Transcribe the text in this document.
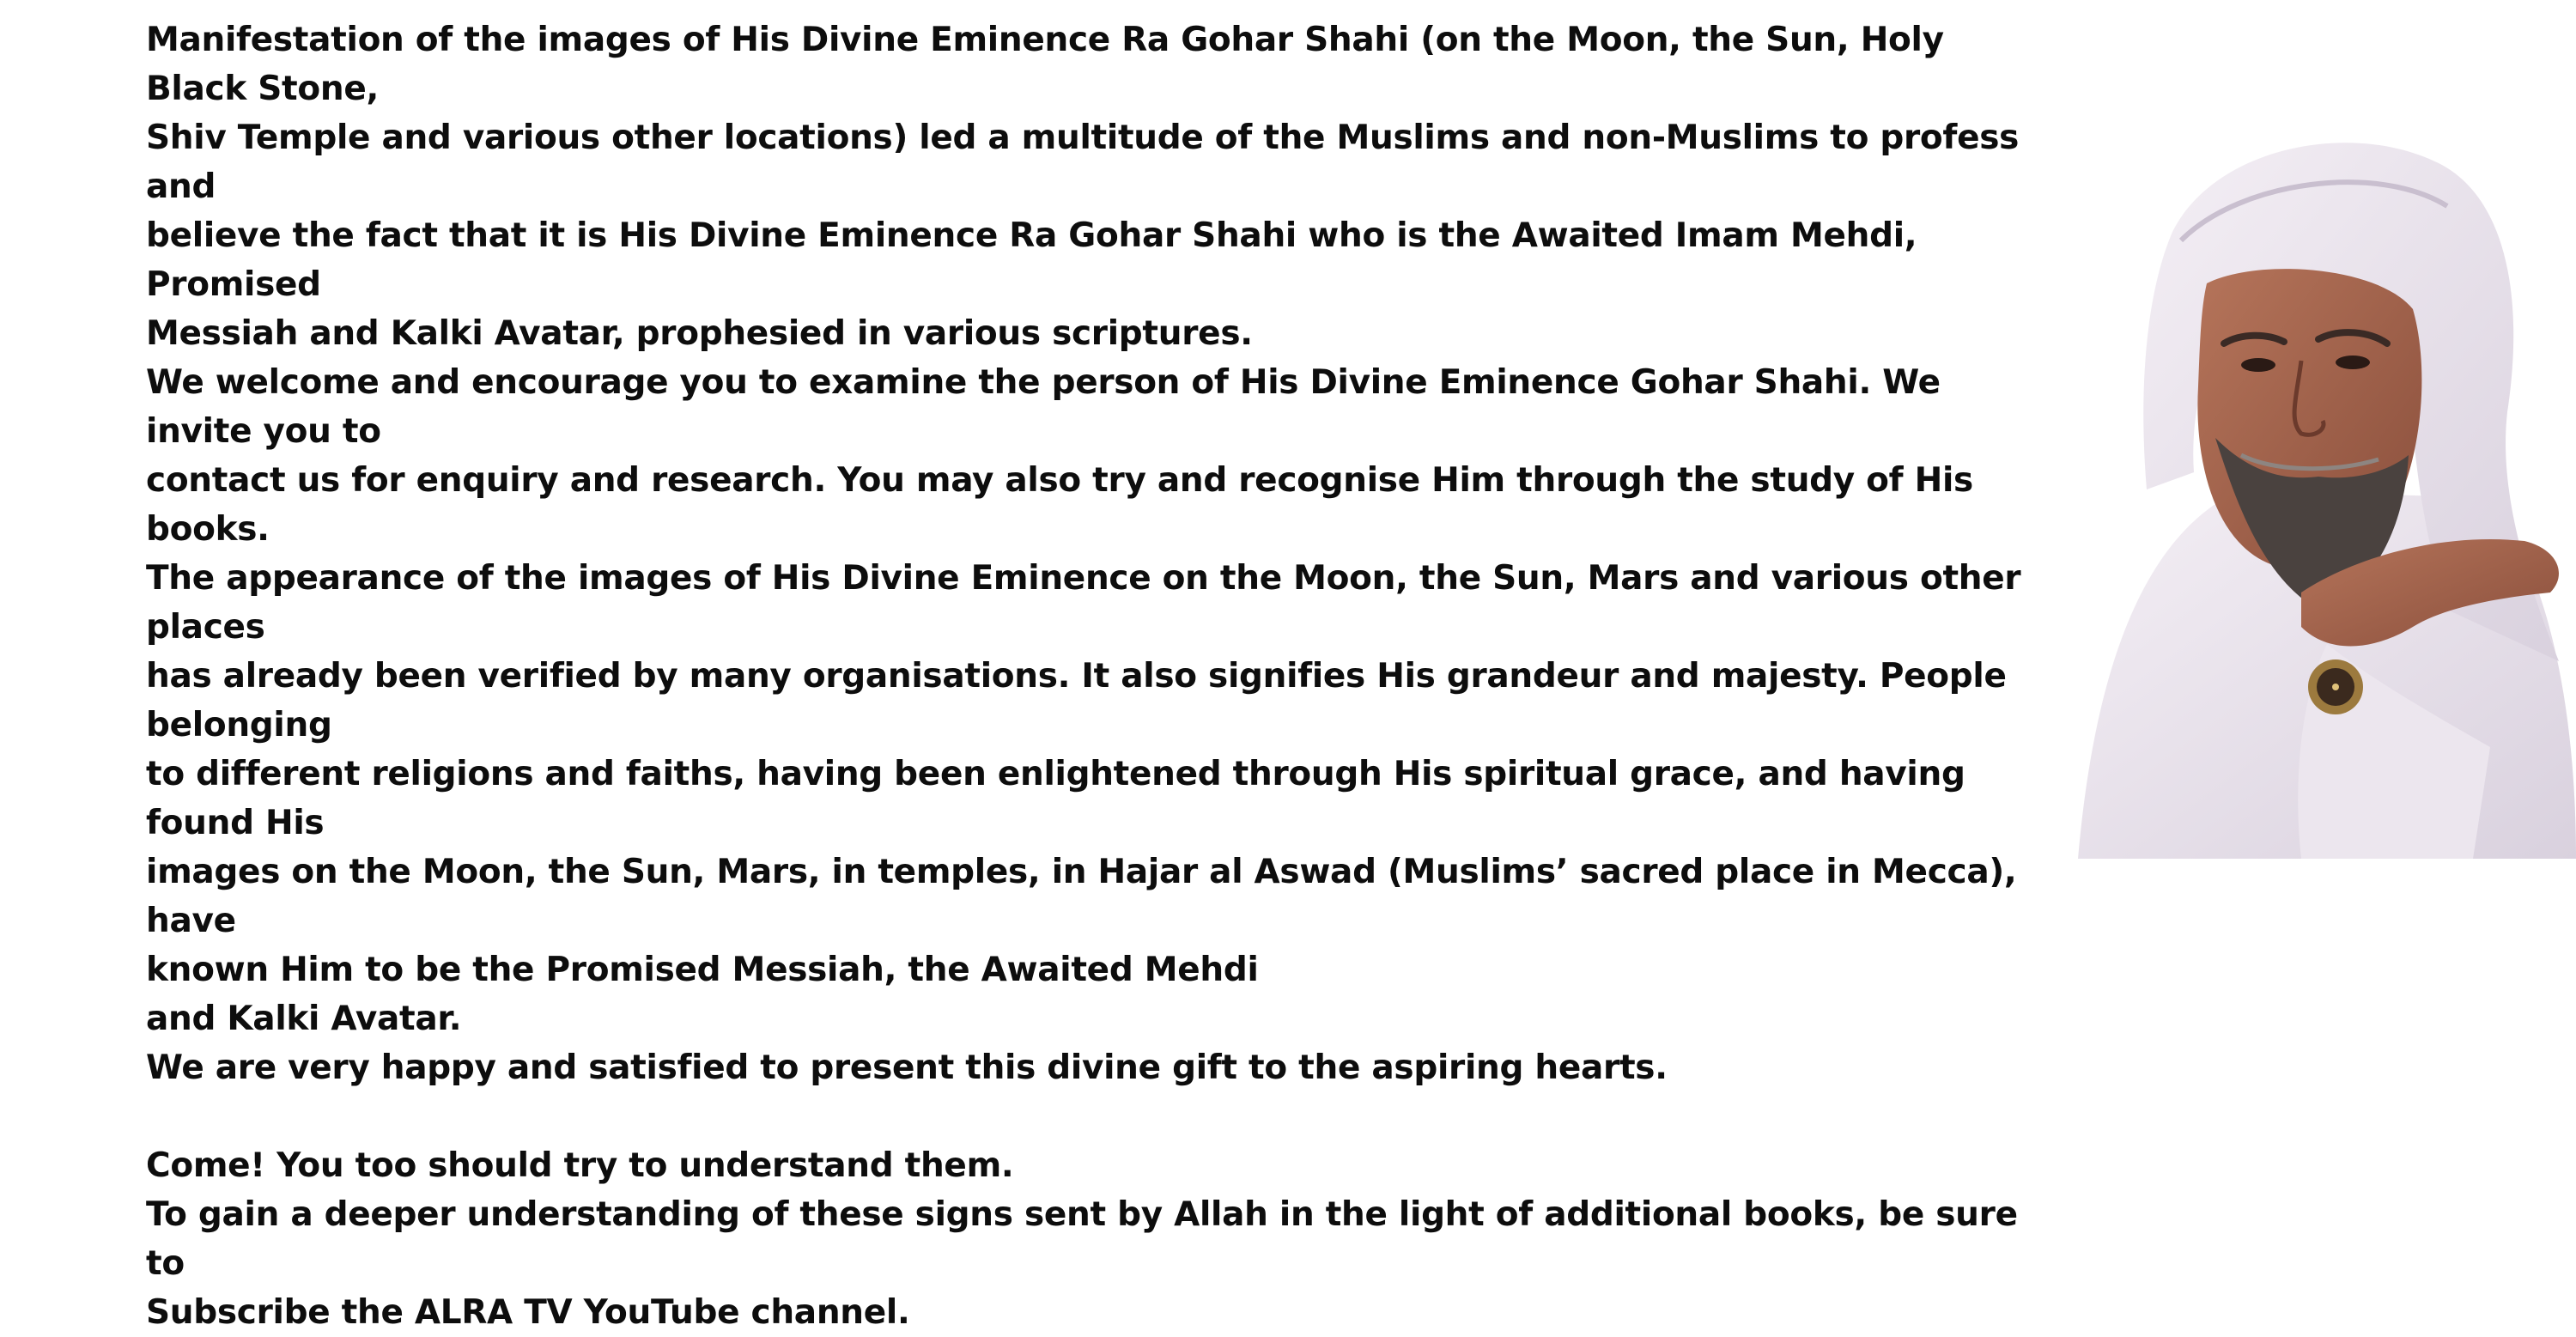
Manifestation of the images of His Divine Eminence Ra Gohar Shahi (on the Moon, the Sun, Holy Black Stone,
Shiv Temple and various other locations) led a multitude of the Muslims and non-Muslims to profess and
believe the fact that it is His Divine Eminence Ra Gohar Shahi who is the Awaited Imam Mehdi, Promised
Messiah and Kalki Avatar, prophesied in various scriptures.

We welcome and encourage you to examine the person of His Divine Eminence Gohar Shahi. We invite you to
contact us for enquiry and research. You may also try and recognise Him through the study of His books.

The appearance of the images of His Divine Eminence on the Moon, the Sun, Mars and various other places
has already been verified by many organisations. It also signifies His grandeur and majesty. People belonging
to different religions and faiths, having been enlightened through His spiritual grace, and having found His
images on the Moon, the Sun, Mars, in temples, in Hajar al Aswad (Muslims’ sacred place in Mecca), have
known Him to be the Promised Messiah, the Awaited Mehdi
and Kalki Avatar.

We are very happy and satisfied to present this divine gift to the aspiring hearts.

Come! You too should try to understand them.

To gain a deeper understanding of these signs sent by Allah in the light of additional books, be sure to
Subscribe the ALRA TV YouTube channel.
